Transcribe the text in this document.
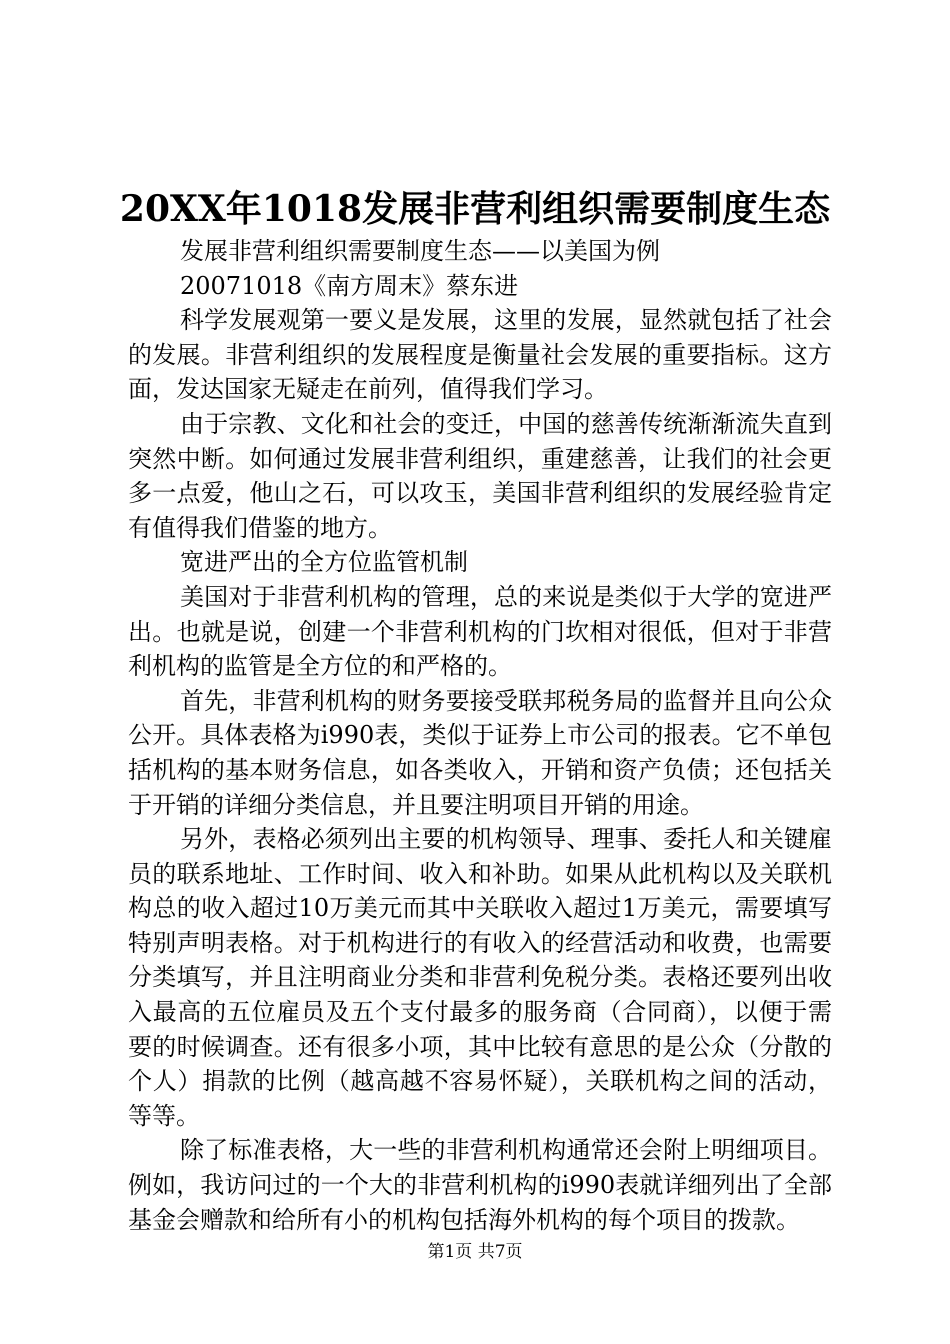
20XX年1018发展非营利组织需要制度生态

发展非营利组织需要制度生态——以美国为例

20071018《南方周末》蔡东进

科学发展观第一要义是发展，这里的发展，显然就包括了社会的发展。非营利组织的发展程度是衡量社会发展的重要指标。这方面，发达国家无疑走在前列，值得我们学习。

由于宗教、文化和社会的变迁，中国的慈善传统渐渐流失直到突然中断。如何通过发展非营利组织，重建慈善，让我们的社会更多一点爱，他山之石，可以攻玉，美国非营利组织的发展经验肯定有值得我们借鉴的地方。

宽进严出的全方位监管机制

美国对于非营利机构的管理，总的来说是类似于大学的宽进严出。也就是说，创建一个非营利机构的门坎相对很低，但对于非营利机构的监管是全方位的和严格的。

首先，非营利机构的财务要接受联邦税务局的监督并且向公众公开。具体表格为i990表，类似于证券上市公司的报表。它不单包括机构的基本财务信息，如各类收入，开销和资产负债；还包括关于开销的详细分类信息，并且要注明项目开销的用途。

另外，表格必须列出主要的机构领导、理事、委托人和关键雇员的联系地址、工作时间、收入和补助。如果从此机构以及关联机构总的收入超过10万美元而其中关联收入超过1万美元，需要填写特别声明表格。对于机构进行的有收入的经营活动和收费，也需要分类填写，并且注明商业分类和非营利免税分类。表格还要列出收入最高的五位雇员及五个支付最多的服务商（合同商），以便于需要的时候调查。还有很多小项，其中比较有意思的是公众（分散的个人）捐款的比例（越高越不容易怀疑），关联机构之间的活动，等等。

除了标准表格，大一些的非营利机构通常还会附上明细项目。例如，我访问过的一个大的非营利机构的i990表就详细列出了全部基金会赠款和给所有小的机构包括海外机构的每个项目的拨款。

第1页 共7页
